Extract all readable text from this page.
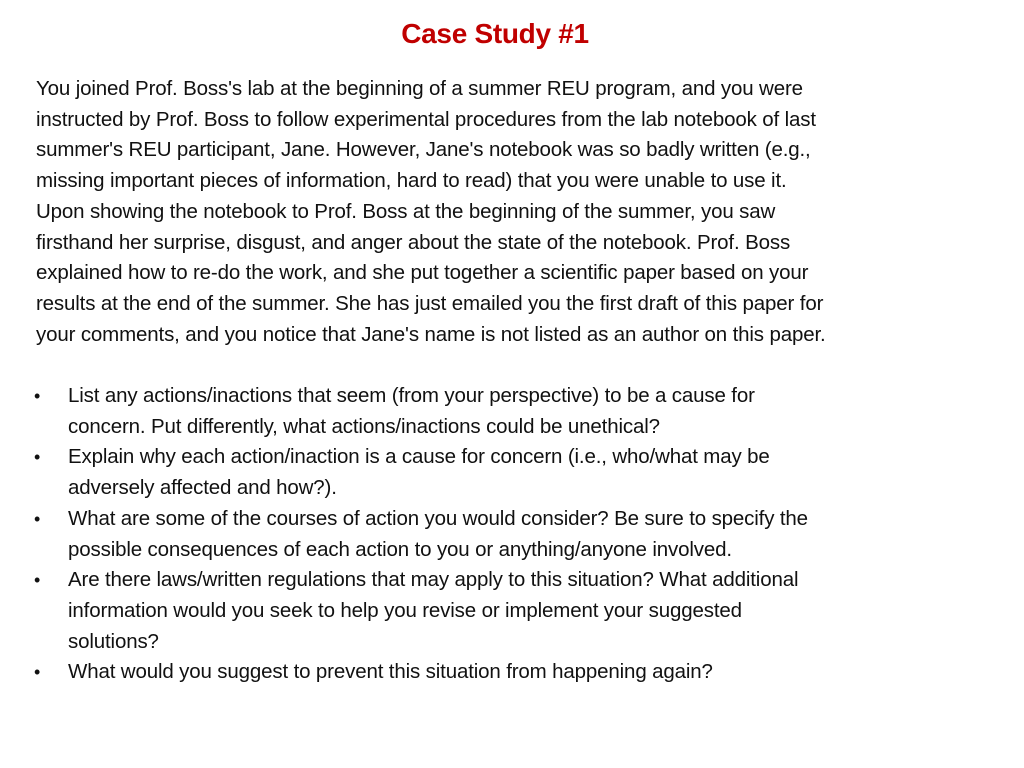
Case Study #1
You joined Prof. Boss's lab at the beginning of a summer REU program, and you were
instructed by Prof. Boss to follow experimental procedures from the lab notebook of last
summer's REU participant, Jane. However, Jane's notebook was so badly written (e.g.,
missing important pieces of information, hard to read) that you were unable to use it.
Upon showing the notebook to Prof. Boss at the beginning of the summer, you saw
firsthand her surprise, disgust, and anger about the state of the notebook. Prof. Boss
explained how to re-do the work, and she put together a scientific paper based on your
results at the end of the summer. She has just emailed you the first draft of this paper for
your comments, and you notice that Jane's name is not listed as an author on this paper.
• List any actions/inactions that seem (from your perspective) to be a cause for
concern. Put differently, what actions/inactions could be unethical?
• Explain why each action/inaction is a cause for concern (i.e., who/what may be
adversely affected and how?).
• What are some of the courses of action you would consider? Be sure to specify the
possible consequences of each action to you or anything/anyone involved.
• Are there laws/written regulations that may apply to this situation? What additional
information would you seek to help you revise or implement your suggested
solutions?
• What would you suggest to prevent this situation from happening again?
